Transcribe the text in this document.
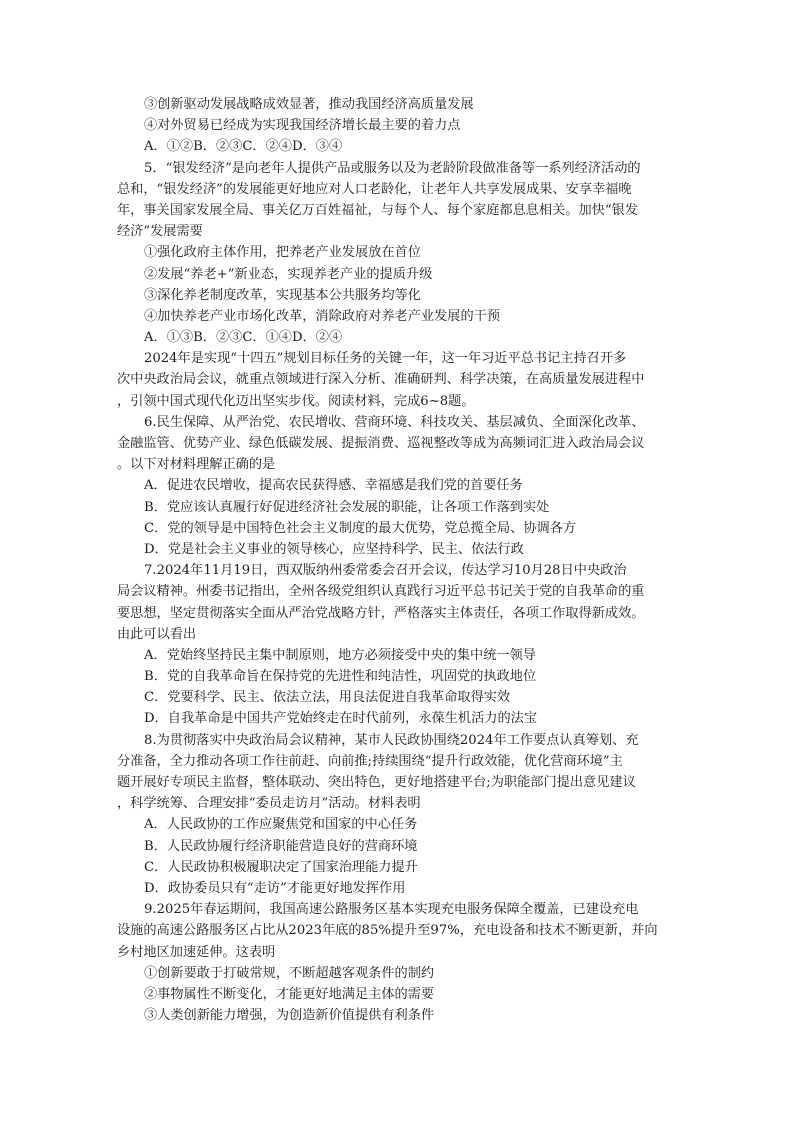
③创新驱动发展战略成效显著，推动我国经济高质量发展
④对外贸易已经成为实现我国经济增长最主要的着力点
A．①②B．②③C．②④D．③④
5．“银发经济”是向老年人提供产品或服务以及为老龄阶段做准备等一系列经济活动的
总和，“银发经济”的发展能更好地应对人口老龄化，让老年人共享发展成果、安享幸福晚
年，事关国家发展全局、事关亿万百姓福祉，与每个人、每个家庭都息息相关。加快“银发
经济”发展需要
①强化政府主体作用，把养老产业发展放在首位
②发展“养老+”新业态，实现养老产业的提质升级
③深化养老制度改革，实现基本公共服务均等化
④加快养老产业市场化改革，消除政府对养老产业发展的干预
A．①③B．②③C．①④D．②④
2024年是实现“十四五”规划目标任务的关键一年，这一年习近平总书记主持召开多
次中央政治局会议，就重点领域进行深入分析、准确研判、科学决策，在高质量发展进程中
，引领中国式现代化迈出坚实步伐。阅读材料，完成6~8题。
6.民生保障、从严治党、农民增收、营商环境、科技攻关、基层减负、全面深化改革、
金融监管、优势产业、绿色低碳发展、提振消费、巡视整改等成为高频词汇进入政治局会议
。以下对材料理解正确的是
A．促进农民增收，提高农民获得感、幸福感是我们党的首要任务
B．党应该认真履行好促进经济社会发展的职能，让各项工作落到实处
C．党的领导是中国特色社会主义制度的最大优势，党总揽全局、协调各方
D．党是社会主义事业的领导核心，应坚持科学、民主、依法行政
7.2024年11月19日，西双版纳州委常委会召开会议，传达学习10月28日中央政治
局会议精神。州委书记指出，全州各级党组织认真践行习近平总书记关于党的自我革命的重
要思想，坚定贯彻落实全面从严治党战略方针，严格落实主体责任，各项工作取得新成效。
由此可以看出
A．党始终坚持民主集中制原则，地方必须接受中央的集中统一领导
B．党的自我革命旨在保持党的先进性和纯洁性，巩固党的执政地位
C．党要科学、民主、依法立法，用良法促进自我革命取得实效
D．自我革命是中国共产党始终走在时代前列，永葆生机活力的法宝
8.为贯彻落实中央政治局会议精神，某市人民政协围绕2024年工作要点认真筹划、充
分准备，全力推动各项工作往前赶、向前推;持续围绕“提升行政效能，优化营商环境”主
题开展好专项民主监督，整体联动、突出特色，更好地搭建平台;为职能部门提出意见建议
，科学统筹、合理安排“委员走访月”活动。材料表明
A．人民政协的工作应聚焦党和国家的中心任务
B．人民政协履行经济职能营造良好的营商环境
C．人民政协积极履职决定了国家治理能力提升
D．政协委员只有“走访”才能更好地发挥作用
9.2025年春运期间，我国高速公路服务区基本实现充电服务保障全覆盖，已建设充电
设施的高速公路服务区占比从2023年底的85%提升至97%，充电设备和技术不断更新，并向
乡村地区加速延伸。这表明
①创新要敢于打破常规，不断超越客观条件的制约
②事物属性不断变化，才能更好地满足主体的需要
③人类创新能力增强，为创造新价值提供有利条件
